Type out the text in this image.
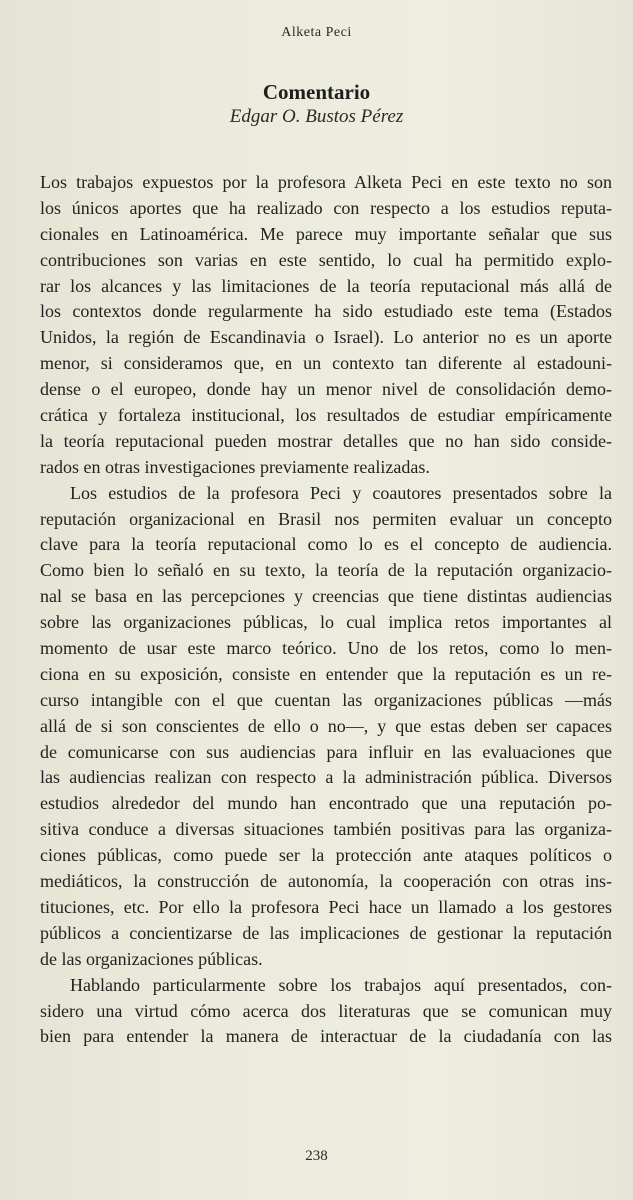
Alketa Peci
Comentario
Edgar O. Bustos Pérez
Los trabajos expuestos por la profesora Alketa Peci en este texto no son
los únicos aportes que ha realizado con respecto a los estudios reputa-
cionales en Latinoamérica. Me parece muy importante señalar que sus
contribuciones son varias en este sentido, lo cual ha permitido explo-
rar los alcances y las limitaciones de la teoría reputacional más allá de
los contextos donde regularmente ha sido estudiado este tema (Estados
Unidos, la región de Escandinavia o Israel). Lo anterior no es un aporte
menor, si consideramos que, en un contexto tan diferente al estadouni-
dense o el europeo, donde hay un menor nivel de consolidación demo-
crática y fortaleza institucional, los resultados de estudiar empíricamente
la teoría reputacional pueden mostrar detalles que no han sido conside-
rados en otras investigaciones previamente realizadas.
Los estudios de la profesora Peci y coautores presentados sobre la
reputación organizacional en Brasil nos permiten evaluar un concepto
clave para la teoría reputacional como lo es el concepto de audiencia.
Como bien lo señaló en su texto, la teoría de la reputación organizacio-
nal se basa en las percepciones y creencias que tiene distintas audiencias
sobre las organizaciones públicas, lo cual implica retos importantes al
momento de usar este marco teórico. Uno de los retos, como lo men-
ciona en su exposición, consiste en entender que la reputación es un re-
curso intangible con el que cuentan las organizaciones públicas —más
allá de si son conscientes de ello o no—, y que estas deben ser capaces
de comunicarse con sus audiencias para influir en las evaluaciones que
las audiencias realizan con respecto a la administración pública. Diversos
estudios alrededor del mundo han encontrado que una reputación po-
sitiva conduce a diversas situaciones también positivas para las organiza-
ciones públicas, como puede ser la protección ante ataques políticos o
mediáticos, la construcción de autonomía, la cooperación con otras ins-
tituciones, etc. Por ello la profesora Peci hace un llamado a los gestores
públicos a concientizarse de las implicaciones de gestionar la reputación
de las organizaciones públicas.
Hablando particularmente sobre los trabajos aquí presentados, con-
sidero una virtud cómo acerca dos literaturas que se comunican muy
bien para entender la manera de interactuar de la ciudadanía con las
238
